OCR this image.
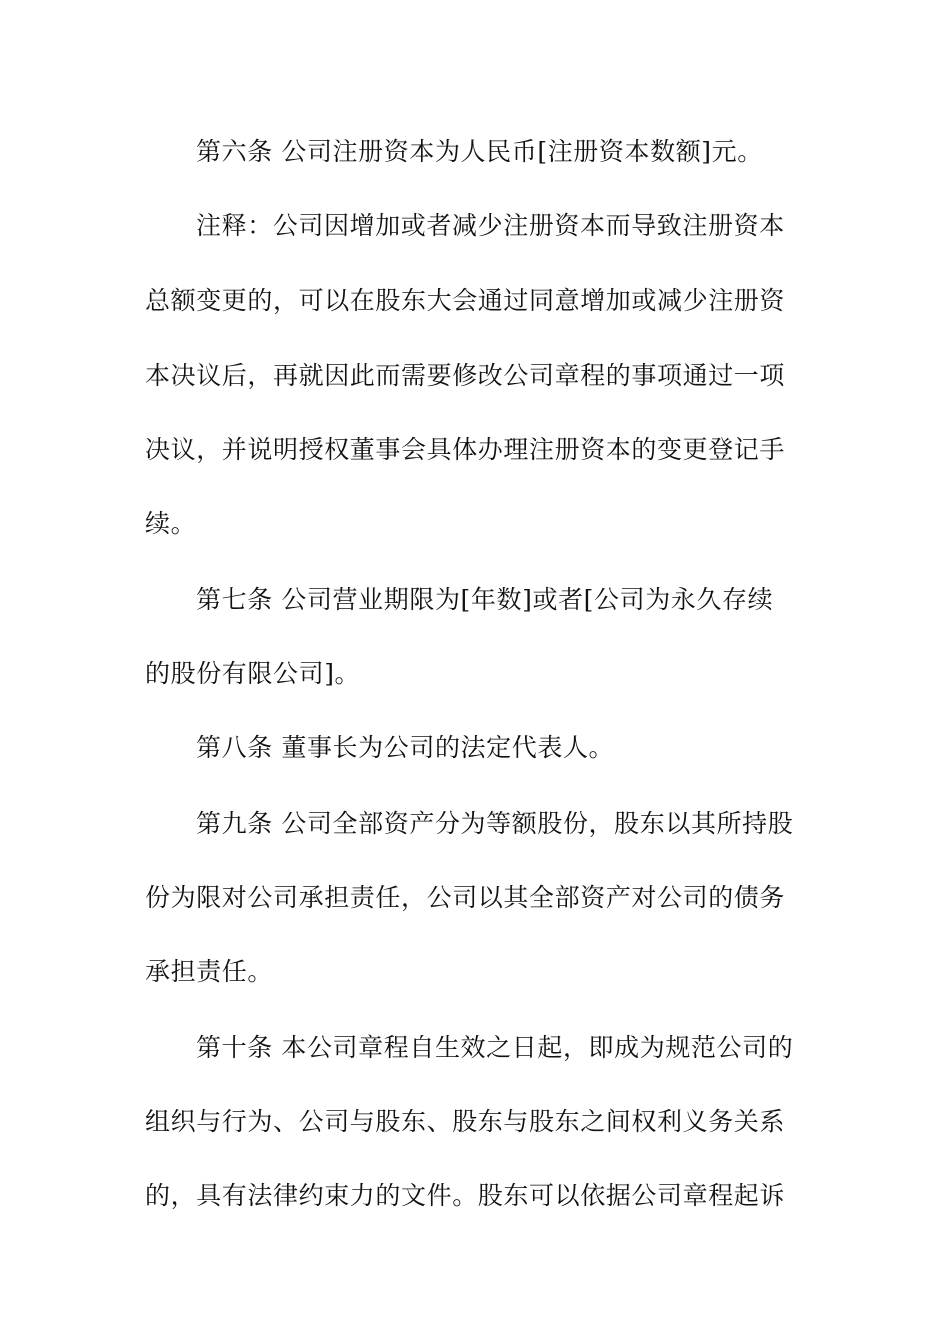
第六条 公司注册资本为人民币[注册资本数额]元。
注释：公司因增加或者减少注册资本而导致注册资本
总额变更的，可以在股东大会通过同意增加或减少注册资
本决议后，再就因此而需要修改公司章程的事项通过一项
决议，并说明授权董事会具体办理注册资本的变更登记手
续。
第七条 公司营业期限为[年数]或者[公司为永久存续
的股份有限公司]。
第八条 董事长为公司的法定代表人。
第九条 公司全部资产分为等额股份，股东以其所持股
份为限对公司承担责任，公司以其全部资产对公司的债务
承担责任。
第十条 本公司章程自生效之日起，即成为规范公司的
组织与行为、公司与股东、股东与股东之间权利义务关系
的，具有法律约束力的文件。股东可以依据公司章程起诉
